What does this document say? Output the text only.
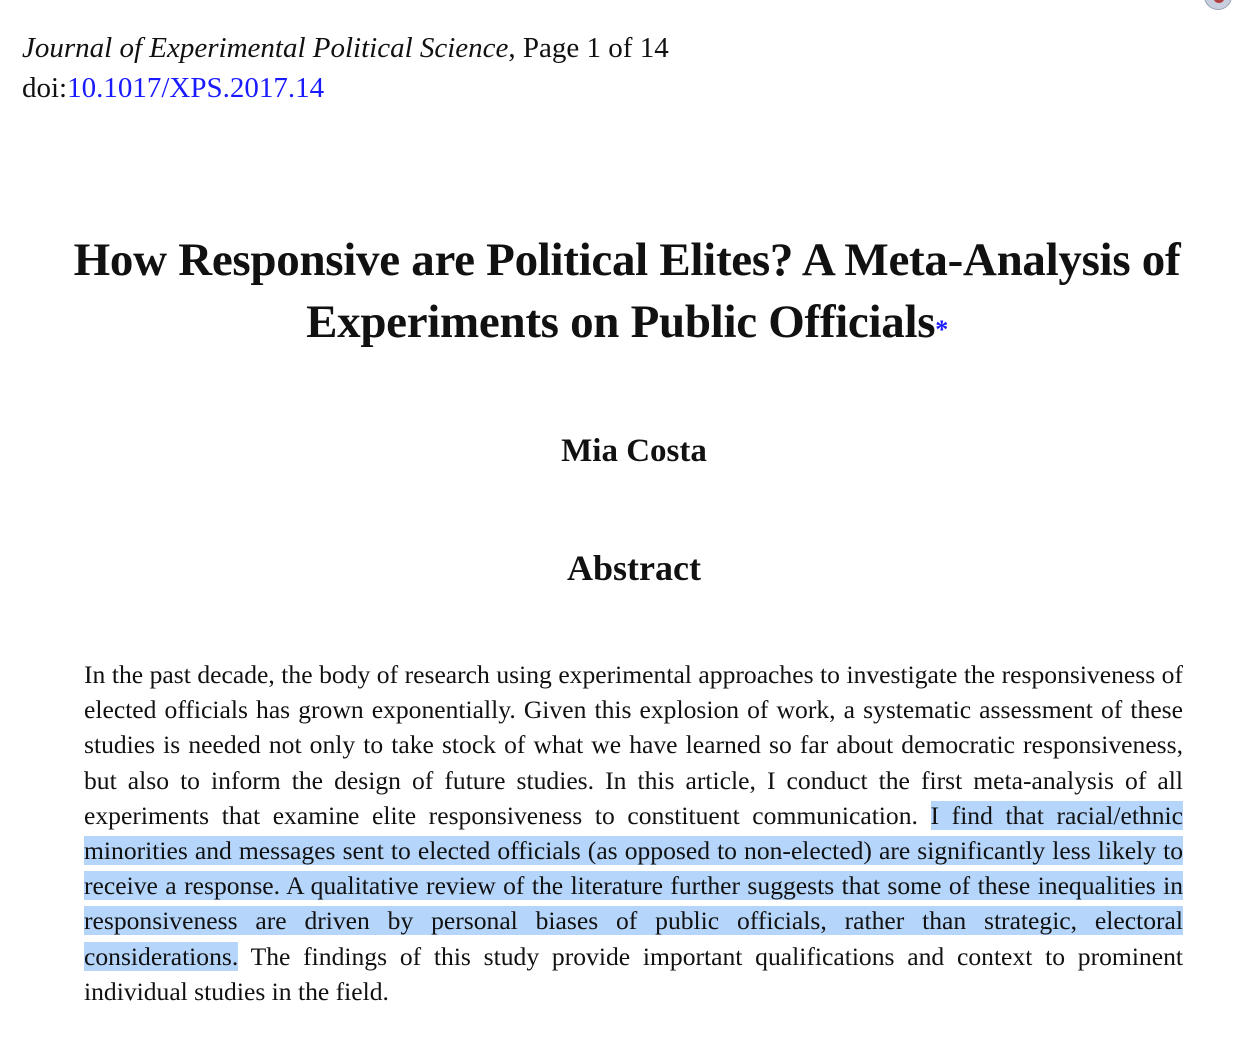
Journal of Experimental Political Science, Page 1 of 14
doi:10.1017/XPS.2017.14
How Responsive are Political Elites? A Meta-Analysis of Experiments on Public Officials*
Mia Costa
Abstract
In the past decade, the body of research using experimental approaches to investigate the responsiveness of elected officials has grown exponentially. Given this explosion of work, a systematic assessment of these studies is needed not only to take stock of what we have learned so far about democratic responsiveness, but also to inform the design of future studies. In this article, I conduct the first meta-analysis of all experiments that examine elite responsiveness to constituent communication. I find that racial/ethnic minorities and messages sent to elected officials (as opposed to non-elected) are significantly less likely to receive a response. A qualitative review of the literature further suggests that some of these inequalities in responsiveness are driven by personal biases of public officials, rather than strategic, electoral considerations. The findings of this study provide important qualifications and context to prominent individual studies in the field.
